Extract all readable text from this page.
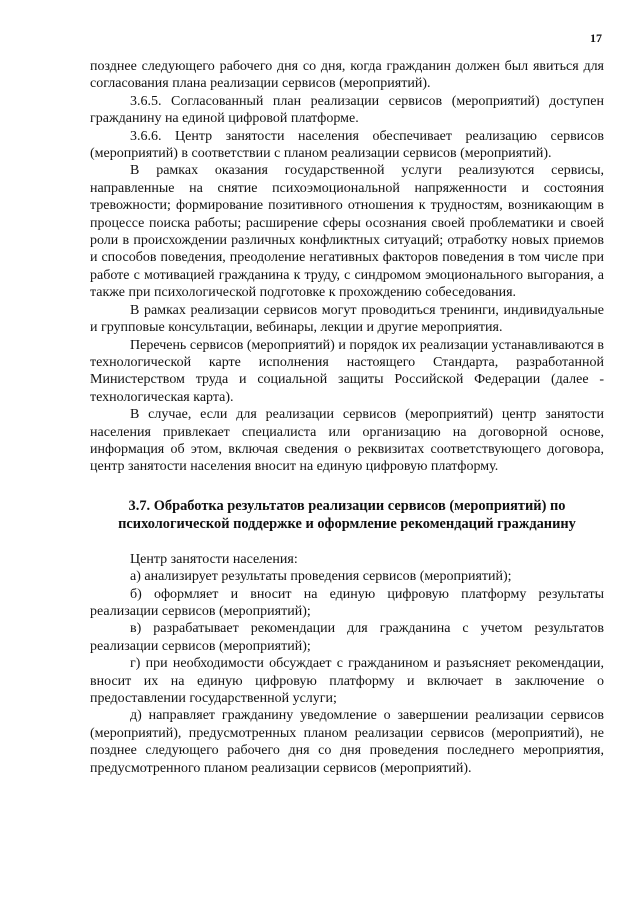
17

позднее следующего рабочего дня со дня, когда гражданин должен был явиться для согласования плана реализации сервисов (мероприятий).

3.6.5. Согласованный план реализации сервисов (мероприятий) доступен гражданину на единой цифровой платформе.

3.6.6. Центр занятости населения обеспечивает реализацию сервисов (мероприятий) в соответствии с планом реализации сервисов (мероприятий).

В рамках оказания государственной услуги реализуются сервисы, направленные на снятие психоэмоциональной напряженности и состояния тревожности; формирование позитивного отношения к трудностям, возникающим в процессе поиска работы; расширение сферы осознания своей проблематики и своей роли в происхождении различных конфликтных ситуаций; отработку новых приемов и способов поведения, преодоление негативных факторов поведения в том числе при работе с мотивацией гражданина к труду, с синдромом эмоционального выгорания, а также при психологической подготовке к прохождению собеседования.

В рамках реализации сервисов могут проводиться тренинги, индивидуальные и групповые консультации, вебинары, лекции и другие мероприятия.

Перечень сервисов (мероприятий) и порядок их реализации устанавливаются в технологической карте исполнения настоящего Стандарта, разработанной Министерством труда и социальной защиты Российской Федерации (далее - технологическая карта).

В случае, если для реализации сервисов (мероприятий) центр занятости населения привлекает специалиста или организацию на договорной основе, информация об этом, включая сведения о реквизитах соответствующего договора, центр занятости населения вносит на единую цифровую платформу.

3.7. Обработка результатов реализации сервисов (мероприятий) по психологической поддержке и оформление рекомендаций гражданину

Центр занятости населения:

а) анализирует результаты проведения сервисов (мероприятий);

б) оформляет и вносит на единую цифровую платформу результаты реализации сервисов (мероприятий);

в) разрабатывает рекомендации для гражданина с учетом результатов реализации сервисов (мероприятий);

г) при необходимости обсуждает с гражданином и разъясняет рекомендации, вносит их на единую цифровую платформу и включает в заключение о предоставлении государственной услуги;

д) направляет гражданину уведомление о завершении реализации сервисов (мероприятий), предусмотренных планом реализации сервисов (мероприятий), не позднее следующего рабочего дня со дня проведения последнего мероприятия, предусмотренного планом реализации сервисов (мероприятий).
